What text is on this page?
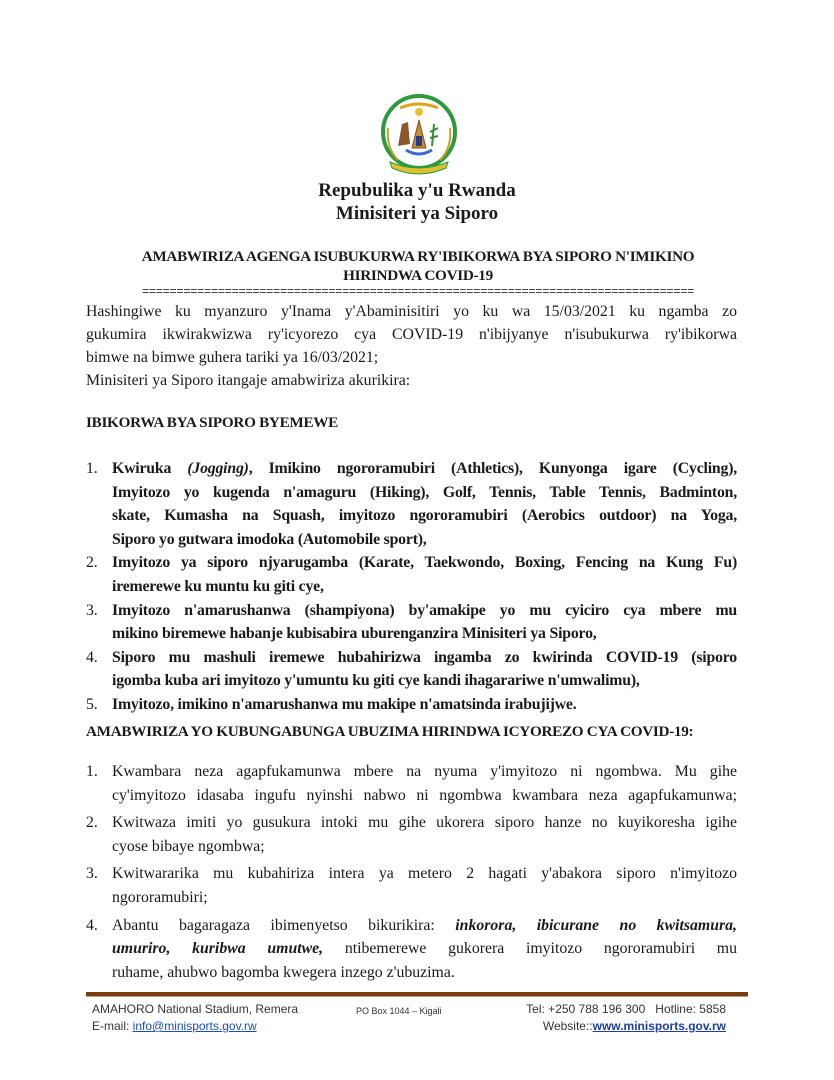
Repubulika y'u Rwanda
Minisiteri ya Siporo
AMABWIRIZA AGENGA ISUBUKURWA RY'IBIKORWA BYA SIPORO N'IMIKINO
HIRINDWA COVID-19
================================================================================
Hashingiwe ku myanzuro y'Inama y'Abaminisitiri yo ku wa 15/03/2021 ku ngamba zo
gukumira ikwirakwizwa ry'icyorezo cya COVID-19 n'ibijyanye n'isubukurwa ry'ibikorwa
bimwe na bimwe guhera tariki ya 16/03/2021;
Minisiteri ya Siporo itangaje amabwiriza akurikira:
IBIKORWA BYA SIPORO BYEMEWE
1. Kwiruka (Jogging), Imikino ngororamubiri (Athletics), Kunyonga igare (Cycling),
Imyitozo yo kugenda n'amaguru (Hiking), Golf, Tennis, Table Tennis, Badminton,
skate, Kumasha na Squash, imyitozo ngororamubiri (Aerobics outdoor) na Yoga,
Siporo yo gutwara imodoka (Automobile sport),
2. Imyitozo ya siporo njyarugamba (Karate, Taekwondo, Boxing, Fencing na Kung Fu)
iremerewe ku muntu ku giti cye,
3. Imyitozo n'amarushanwa (shampiyona) by'amakipe yo mu cyiciro cya mbere mu
mikino biremewe habanje kubisabira uburenganzira Minisiteri ya Siporo,
4. Siporo mu mashuli iremewe hubahirizwa ingamba zo kwirinda COVID-19 (siporo
igomba kuba ari imyitozo y'umuntu ku giti cye kandi ihagarariwe n'umwalimu),
5. Imyitozo, imikino n'amarushanwa mu makipe n'amatsinda irabujijwe.
AMABWIRIZA YO KUBUNGABUNGA UBUZIMA HIRINDWA ICYOREZO CYA COVID-19:
1. Kwambara neza agapfukamunwa mbere na nyuma y'imyitozo ni ngombwa. Mu gihe
cy'imyitozo idasaba ingufu nyinshi nabwo ni ngombwa kwambara neza agapfukamunwa;
2. Kwitwaza imiti yo gusukura intoki mu gihe ukorera siporo hanze no kuyikoresha igihe
cyose bibaye ngombwa;
3. Kwitwararika mu kubahiriza intera ya metero 2 hagati y'abakora siporo n'imyitozo
ngororamubiri;
4. Abantu bagaragaza ibimenyetso bikurikira: inkorora, ibicurane no kwitsamura,
umuriro, kuribwa umutwe, ntibemerewe gukorera imyitozo ngororamubiri mu
ruhame, ahubwo bagomba kwegera inzego z'ubuzima.
AMAHORO National Stadium, Remera
E-mail: info@minisports.gov.rw
PO Box 1044 – Kigali	Tel: +250 788 196 300   Hotline: 5858
Website::www.minisports.gov.rw
